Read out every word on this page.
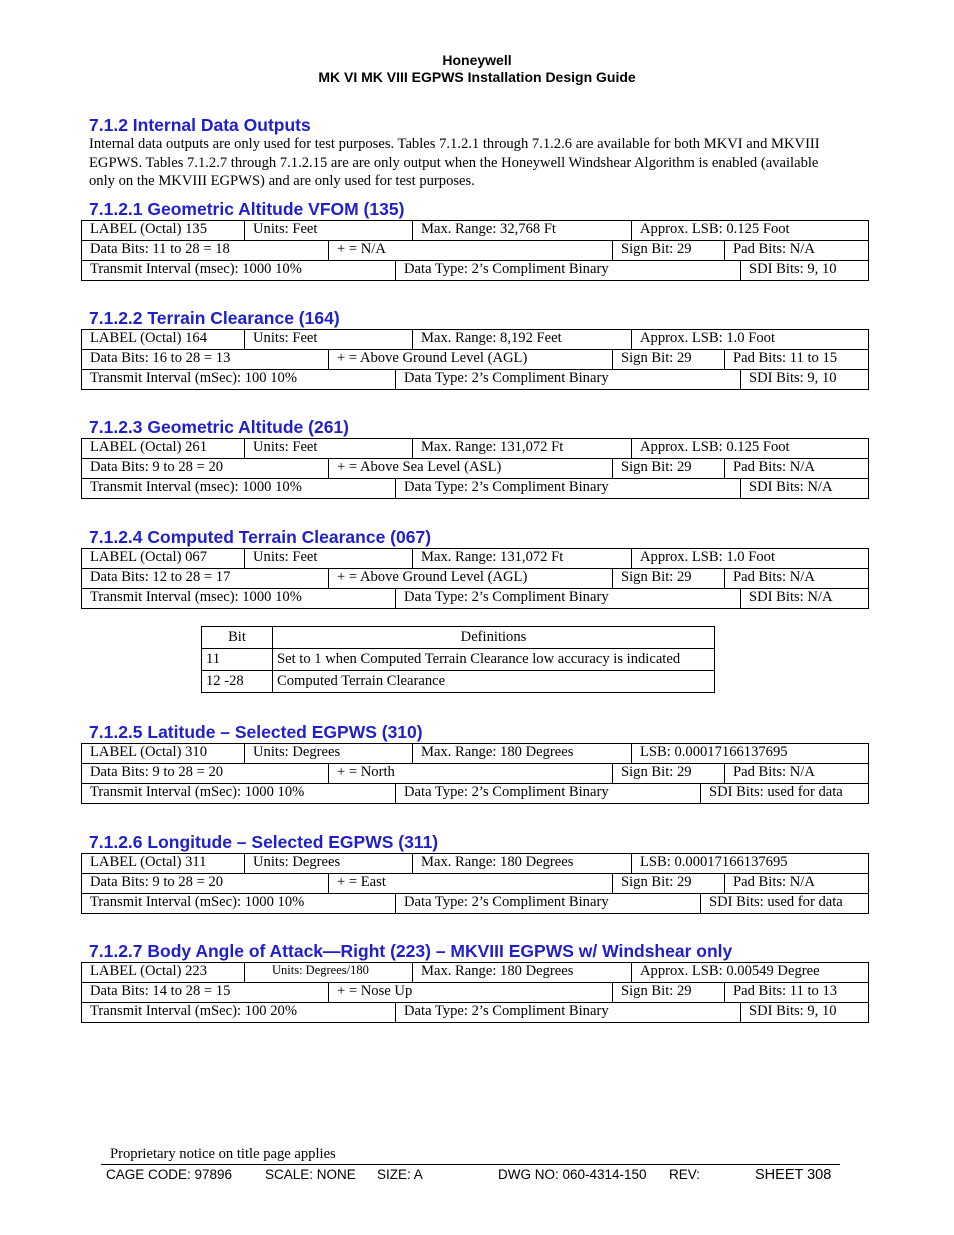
Honeywell
MK VI MK VIII EGPWS Installation Design Guide
7.1.2 Internal Data Outputs
Internal data outputs are only used for test purposes. Tables 7.1.2.1 through 7.1.2.6 are available for both MKVI and MKVIII EGPWS. Tables 7.1.2.7 through 7.1.2.15 are are only output when the Honeywell Windshear Algorithm is enabled (available only on the MKVIII EGPWS) and are only used for test purposes.
7.1.2.1 Geometric Altitude VFOM (135)
LABEL (Octal) 135	Units: Feet	Max. Range: 32,768 Ft	Approx. LSB: 0.125 Foot
Data Bits: 11 to 28 = 18	+ = N/A	Sign Bit: 29	Pad Bits: N/A
Transmit Interval (msec): 1000 10%	Data Type: 2’s Compliment Binary	SDI Bits: 9, 10
7.1.2.2 Terrain Clearance (164)
LABEL (Octal) 164	Units: Feet	Max. Range: 8,192 Feet	Approx. LSB: 1.0 Foot
Data Bits: 16 to 28 = 13	+ = Above Ground Level (AGL)	Sign Bit: 29	Pad Bits: 11 to 15
Transmit Interval (mSec): 100 10%	Data Type: 2’s Compliment Binary	SDI Bits: 9, 10
7.1.2.3 Geometric Altitude (261)
LABEL (Octal) 261	Units: Feet	Max. Range: 131,072 Ft	Approx. LSB: 0.125 Foot
Data Bits: 9 to 28 = 20	+ = Above Sea Level (ASL)	Sign Bit: 29	Pad Bits: N/A
Transmit Interval (msec): 1000 10%	Data Type: 2’s Compliment Binary	SDI Bits: N/A
7.1.2.4 Computed Terrain Clearance (067)
LABEL (Octal) 067	Units: Feet	Max. Range: 131,072 Ft	Approx. LSB: 1.0 Foot
Data Bits: 12 to 28 = 17	+ = Above Ground Level (AGL)	Sign Bit: 29	Pad Bits: N/A
Transmit Interval (msec): 1000 10%	Data Type: 2’s Compliment Binary	SDI Bits: N/A
Bit	Definitions
11	Set to 1 when Computed Terrain Clearance low accuracy is indicated
12 -28	Computed Terrain Clearance
7.1.2.5 Latitude – Selected EGPWS (310)
LABEL (Octal) 310	Units: Degrees	Max. Range: 180 Degrees	LSB: 0.00017166137695
Data Bits: 9 to 28 = 20	+ = North	Sign Bit: 29	Pad Bits: N/A
Transmit Interval (mSec): 1000 10%	Data Type: 2’s Compliment Binary	SDI Bits: used for data
7.1.2.6 Longitude – Selected EGPWS (311)
LABEL (Octal) 311	Units: Degrees	Max. Range: 180 Degrees	LSB: 0.00017166137695
Data Bits: 9 to 28 = 20	+ = East	Sign Bit: 29	Pad Bits: N/A
Transmit Interval (mSec): 1000 10%	Data Type: 2’s Compliment Binary	SDI Bits: used for data
7.1.2.7 Body Angle of Attack—Right (223) – MKVIII EGPWS w/ Windshear only
LABEL (Octal) 223	Units: Degrees/180	Max. Range: 180 Degrees	Approx. LSB: 0.00549 Degree
Data Bits: 14 to 28 = 15	+ = Nose Up	Sign Bit: 29	Pad Bits: 11 to 13
Transmit Interval (mSec): 100 20%	Data Type: 2’s Compliment Binary	SDI Bits: 9, 10
Proprietary notice on title page applies
CAGE CODE: 97896 SCALE: NONE SIZE: A	DWG NO: 060-4314-150 REV:	SHEET 308
